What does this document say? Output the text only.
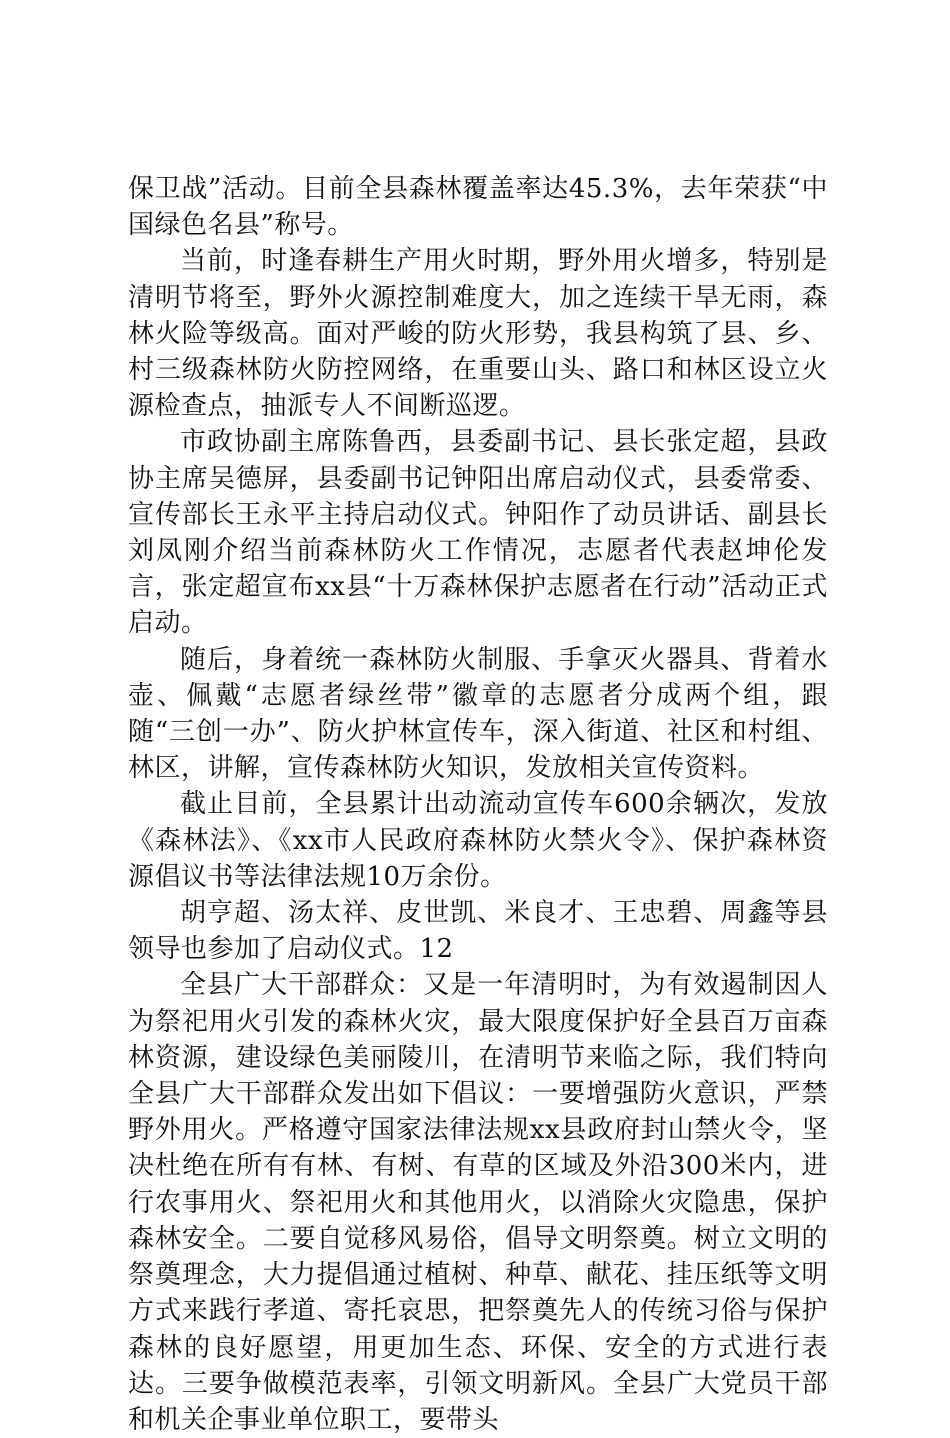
保卫战”活动。目前全县森林覆盖率达45.3%，去年荣获“中国绿色名县”称号。

当前，时逢春耕生产用火时期，野外用火增多，特别是清明节将至，野外火源控制难度大，加之连续干旱无雨，森林火险等级高。面对严峻的防火形势，我县构筑了县、乡、村三级森林防火防控网络，在重要山头、路口和林区设立火源检查点，抽派专人不间断巡逻。

市政协副主席陈鲁西，县委副书记、县长张定超，县政协主席吴德屏，县委副书记钟阳出席启动仪式，县委常委、宣传部长王永平主持启动仪式。钟阳作了动员讲话、副县长刘凤刚介绍当前森林防火工作情况，志愿者代表赵坤伦发言，张定超宣布xx县“十万森林保护志愿者在行动”活动正式启动。

随后，身着统一森林防火制服、手拿灭火器具、背着水壶、佩戴“志愿者绿丝带”徽章的志愿者分成两个组，跟随“三创一办”、防火护林宣传车，深入街道、社区和村组、林区，讲解，宣传森林防火知识，发放相关宣传资料。

截止目前，全县累计出动流动宣传车600余辆次，发放《森林法》、《xx市人民政府森林防火禁火令》、保护森林资源倡议书等法律法规10万余份。

胡亨超、汤太祥、皮世凯、米良才、王忠碧、周鑫等县领导也参加了启动仪式。12

全县广大干部群众：又是一年清明时，为有效遏制因人为祭祀用火引发的森林火灾，最大限度保护好全县百万亩森林资源，建设绿色美丽陵川，在清明节来临之际，我们特向全县广大干部群众发出如下倡议：一要增强防火意识，严禁野外用火。严格遵守国家法律法规xx县政府封山禁火令，坚决杜绝在所有有林、有树、有草的区域及外沿300米内，进行农事用火、祭祀用火和其他用火，以消除火灾隐患，保护森林安全。二要自觉移风易俗，倡导文明祭奠。树立文明的祭奠理念，大力提倡通过植树、种草、献花、挂压纸等文明方式来践行孝道、寄托哀思，把祭奠先人的传统习俗与保护森林的良好愿望，用更加生态、环保、安全的方式进行表达。三要争做模范表率，引领文明新风。全县广大党员干部和机关企事业单位职工，要带头
